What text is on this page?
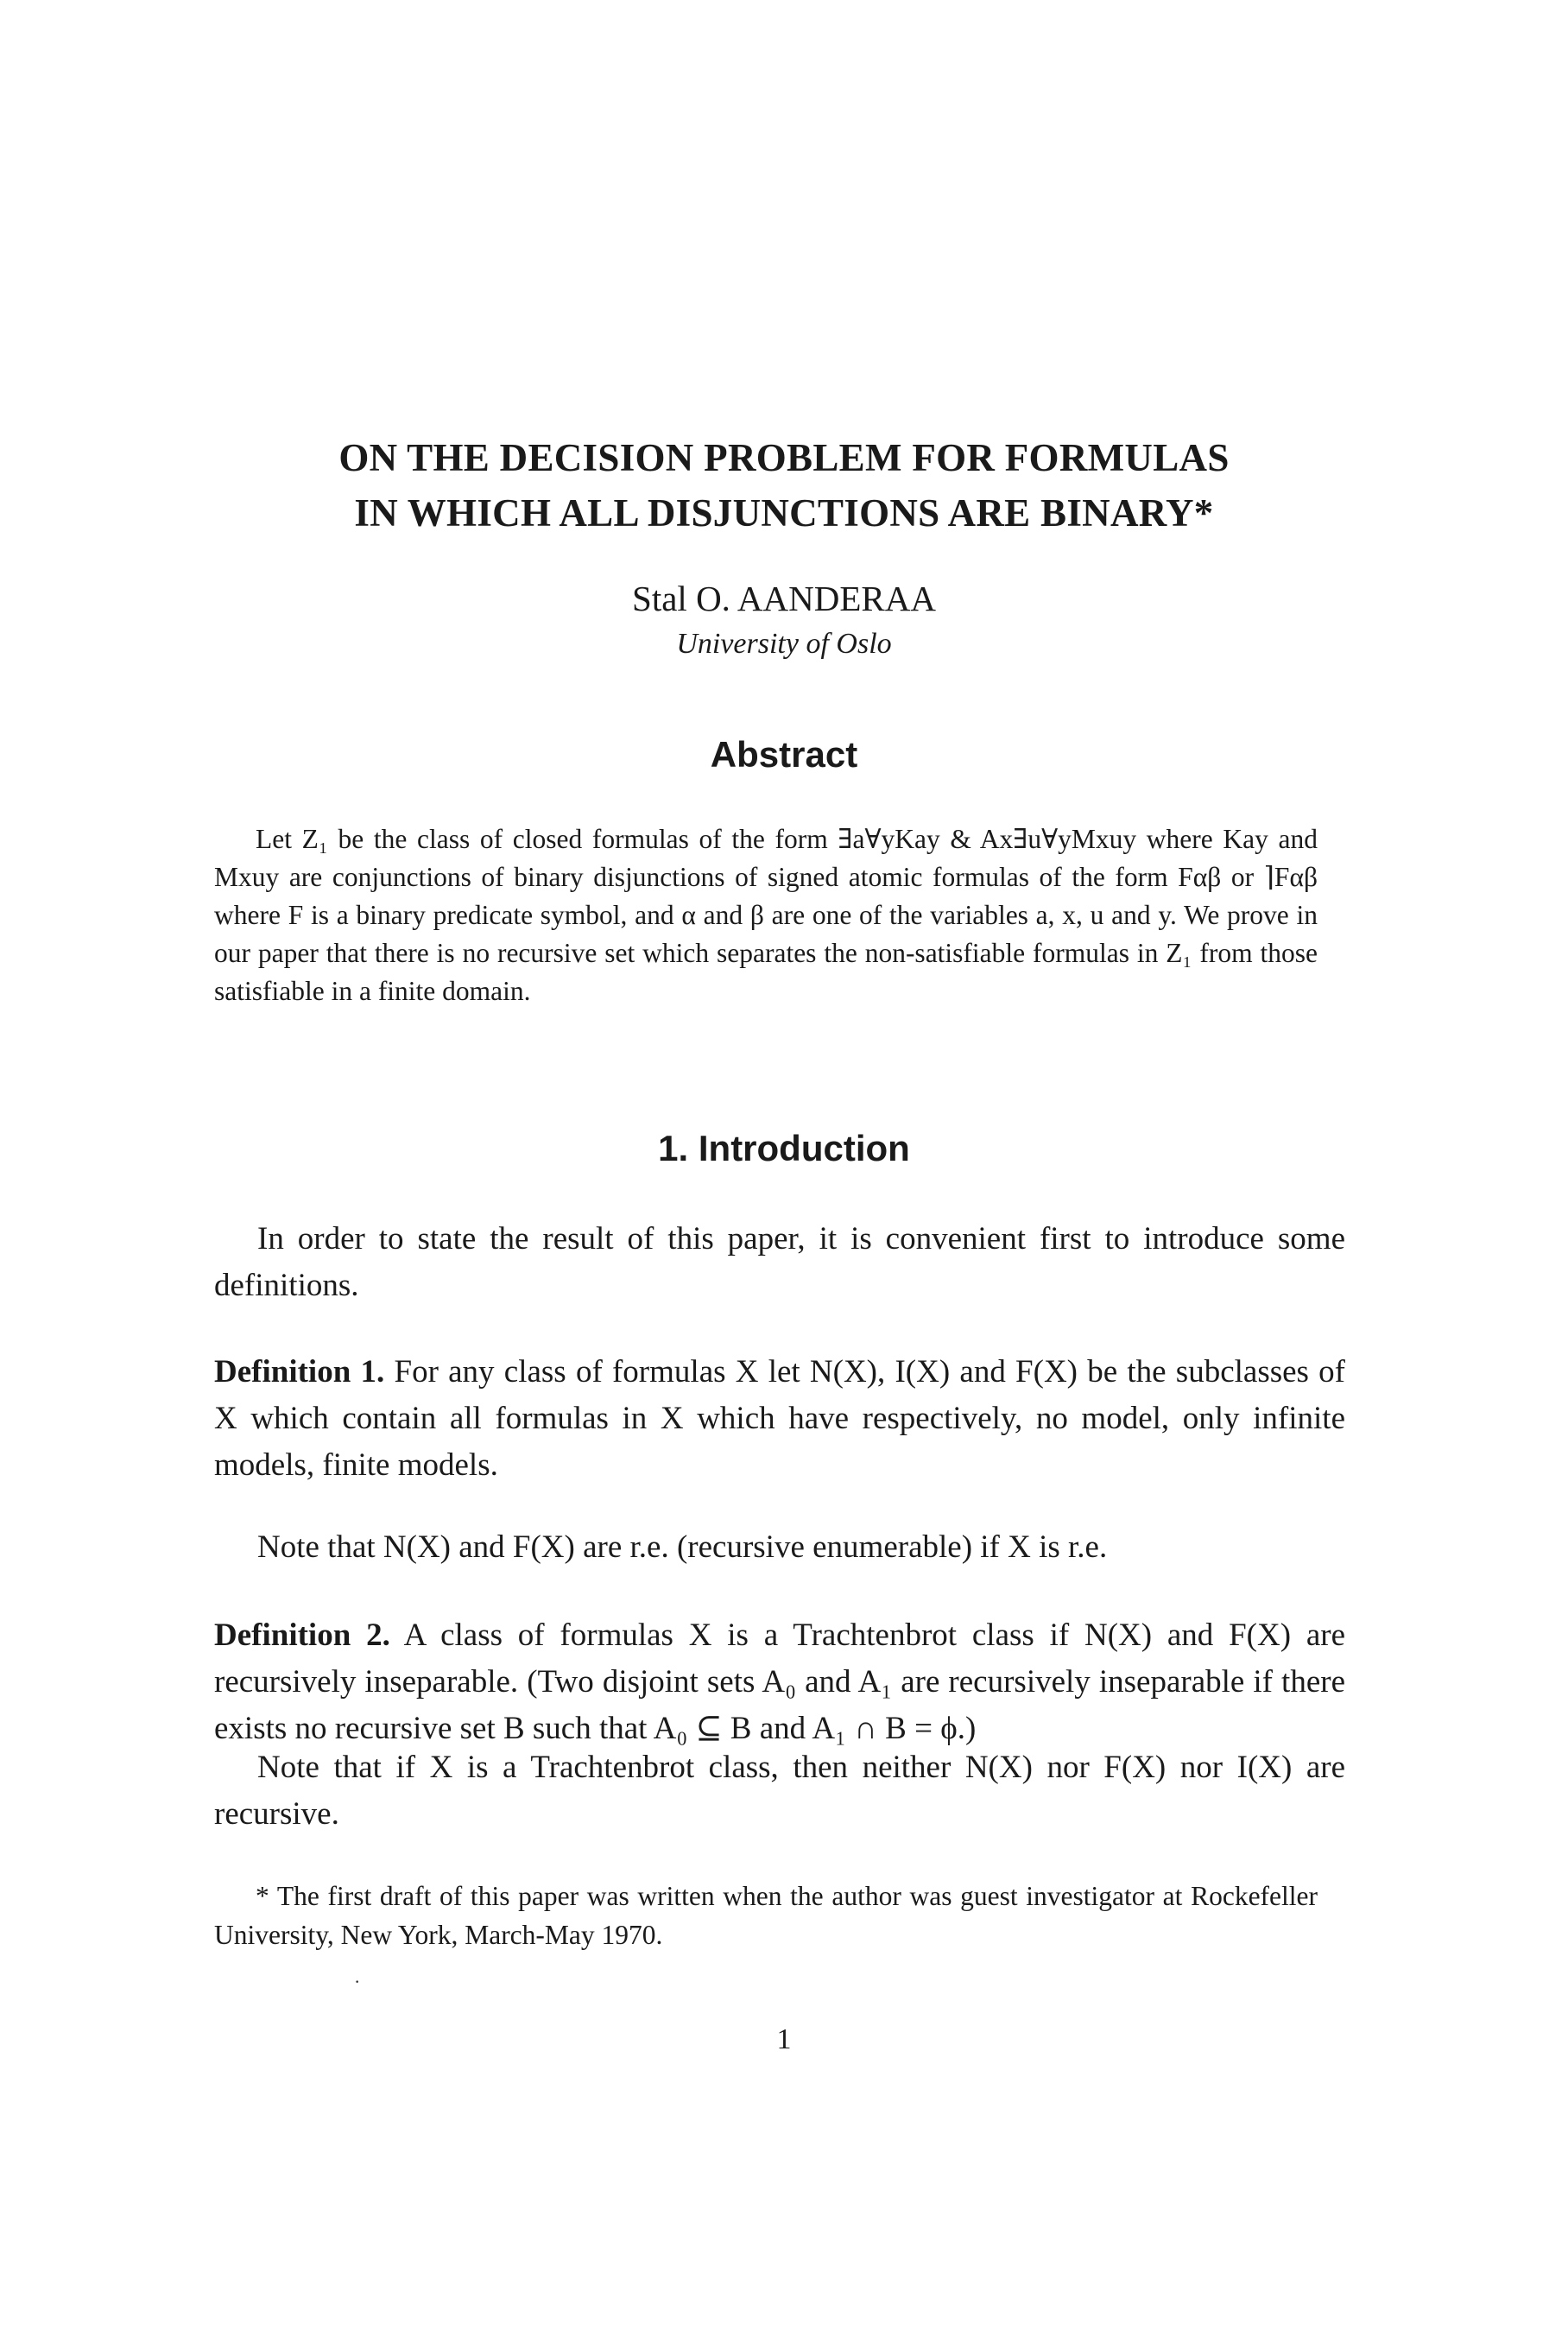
ON THE DECISION PROBLEM FOR FORMULAS
IN WHICH ALL DISJUNCTIONS ARE BINARY*
Stal O. AANDERAA
University of Oslo
Abstract

Let Z₁ be the class of closed formulas of the form ∃a∀yKay & Ax∃u∀yMxuy where Kay and Mxuy are conjunctions of binary disjunctions of signed atomic formulas of the form Fαβ or ⌉Fαβ where F is a binary predicate symbol, and α and β are one of the variables a, x, u and y. We prove in our paper that there is no recursive set which separates the non-satisfiable formulas in Z₁ from those satisfiable in a finite domain.

1. Introduction

In order to state the result of this paper, it is convenient first to introduce some definitions.

Definition 1. For any class of formulas X let N(X), I(X) and F(X) be the subclasses of X which contain all formulas in X which have respectively, no model, only infinite models, finite models.

Note that N(X) and F(X) are r.e. (recursive enumerable) if X is r.e.

Definition 2. A class of formulas X is a Trachtenbrot class if N(X) and F(X) are recursively inseparable. (Two disjoint sets A₀ and A₁ are recursively inseparable if there exists no recursive set B such that A₀ ⊆ B and A₁ ∩ B = ϕ.)

Note that if X is a Trachtenbrot class, then neither N(X) nor F(X) nor I(X) are recursive.

* The first draft of this paper was written when the author was guest investigator at Rockefeller University, New York, March-May 1970.

·
1
